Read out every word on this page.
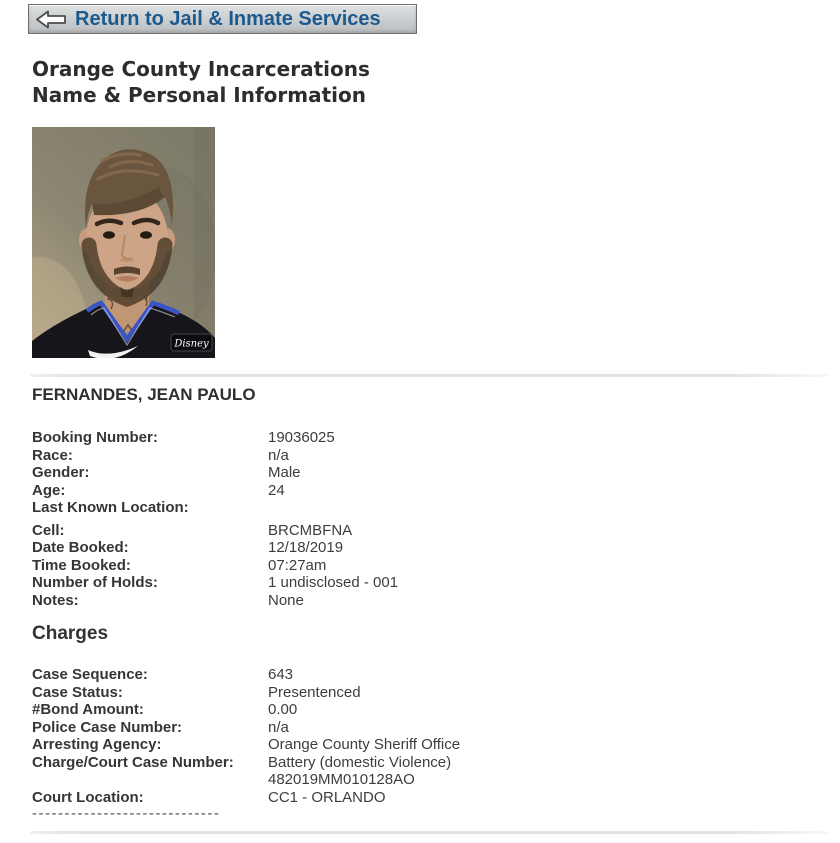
Return to Jail & Inmate Services
Orange County Incarcerations
Name & Personal Information
Disney
FERNANDES, JEAN PAULO
Booking Number:	19036025
Race:	n/a
Gender:	Male
Age:	24
Last Known Location:
Cell:	BRCMBFNA
Date Booked:	12/18/2019
Time Booked:	07:27am
Number of Holds:	1 undisclosed - 001
Notes:	None
Charges
Case Sequence:	643
Case Status:	Presentenced
#Bond Amount:	0.00
Police Case Number:	n/a
Arresting Agency:	Orange County Sheriff Office
Charge/Court Case Number:	Battery (domestic Violence)
482019MM010128AO
Court Location:	CC1 - ORLANDO
-----------------------------
